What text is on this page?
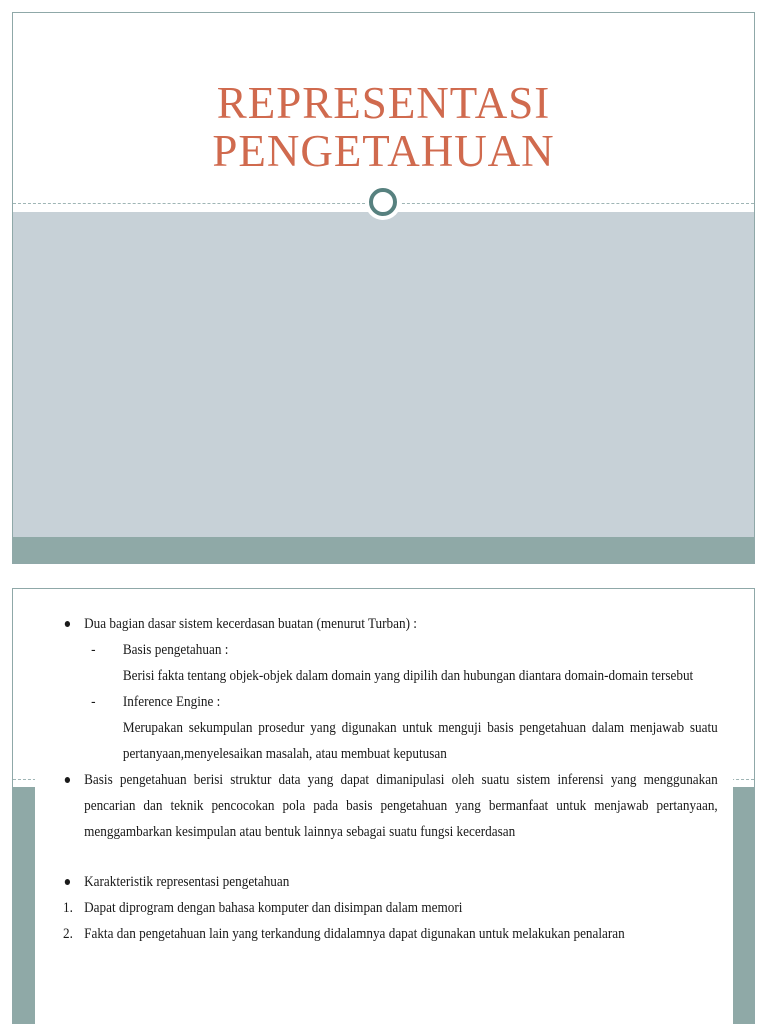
REPRESENTASI
PENGETAHUAN
Dua bagian dasar sistem kecerdasan buatan (menurut Turban) :
-	Basis pengetahuan :
Berisi fakta tentang objek-objek dalam domain yang dipilih dan hubungan diantara domain-domain tersebut
-	Inference Engine :
Merupakan sekumpulan prosedur yang digunakan untuk menguji basis pengetahuan dalam menjawab suatu pertanyaan,menyelesaikan masalah, atau membuat keputusan
Basis pengetahuan berisi struktur data yang dapat dimanipulasi oleh suatu sistem inferensi yang menggunakan pencarian dan teknik pencocokan pola pada basis pengetahuan yang bermanfaat untuk menjawab pertanyaan, menggambarkan kesimpulan atau bentuk lainnya sebagai suatu fungsi kecerdasan
Karakteristik representasi pengetahuan
1. Dapat diprogram dengan bahasa komputer dan disimpan dalam memori
2. Fakta dan pengetahuan lain yang terkandung didalamnya dapat digunakan untuk melakukan penalaran
